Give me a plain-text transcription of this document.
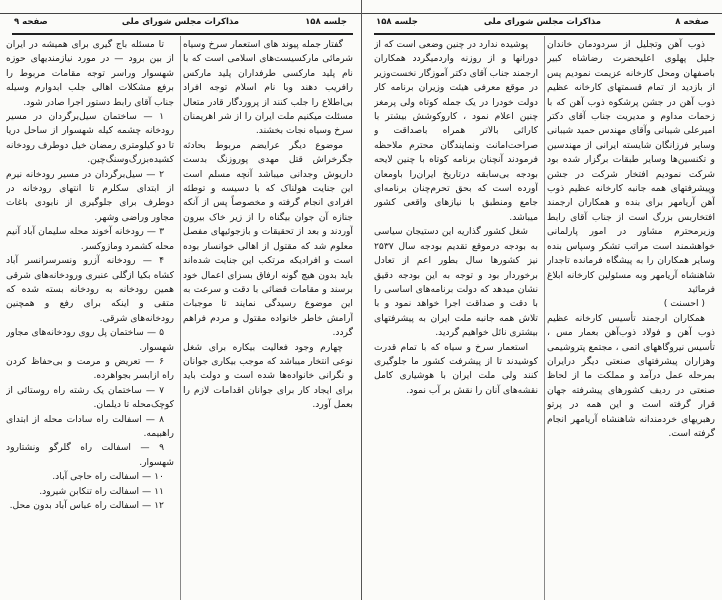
جلسه ۱۵۸
مذاکرات مجلس شورای ملی
صفحه ۹

گفتار جمله پیوند های استعمار سرخ وسیاه شرمائی مارکسیست‌های اسلامی است که با نام پلید مارکسی طرفداران پلید مارکس رافریب دهند وبا نام اسلام توجه افراد بی‌اطلاع را جلب کنند از پروردگار قادر متعال مسئلت میکنیم ملت ایران را از شر اهریمنان سرخ وسیاه نجات بخشند.

موضوع دیگر عرایضم مربوط بحادثه جگرخراش قتل مهدی پوروزنگ بدست داریوش وجدانی میباشد آنچه مسلم است این جنایت هولناک که با دسیسه و توطئه افرادی انجام گرفته و مخصوصاً پس از آنکه جنازه آن جوان بیگناه را از زیر خاک بیرون آوردند و بعد از تحقیقات و بازجوئیهای مفصل معلوم شد که مقتول از اهالی خوانسار بوده است و افرادیکه مرتکب این جنایت شده‌اند باید بدون هیچ گونه ارفاق بسزای اعمال خود برسند و مقامات قضائی با دقت و سرعت به این موضوع رسیدگی نمایند تا موجبات آرامش خاطر خانواده مقتول و مردم فراهم گردد.

چهارم وجود فعالیت بیکاره برای شغل نوعی انتخار میباشد که موجب بیکاری جوانان و نگرانی خانواده‌ها شده است و دولت باید برای ایجاد کار برای جوانان اقدامات لازم را بعمل آورد.

تا مسئله باج گیری برای همیشه در ایران از بین برود — در مورد نیازمندیهای حوزه شهسوار وراسر توجه مقامات مربوط را برفع مشکلات اهالی جلب ابدوارم وسیله جناب آقای رابط دستور اجرا صادر شود.

۱ — ساختمان سیل‌برگردان در مسیر رودخانه چشمه کیله شهسوار از ساحل دریا تا دو کیلومتری رمضان خیل دوطرف رودخانه کشیده‌بزرگ‌و‌سنگ‌چین.

۲ — سیل‌برگردان در مسیر رودخانه نیرم از ابتدای سکلرم تا انتهای رودخانه در دوطرف برای جلوگیری از نابودی باغات مجاور وراضی وشهر.

۳ — رودخانه آخوند محله سلیمان آباد آنیم محله کشمرد ومازوکسر.

۴ — رودخانه آزرو ونسرسرانسر آباد کشاه بکیا ازگلی عنبری ورودخانه‌های شرقی همین رودخانه به رودخانه بسته شده که متقی و اینکه برای رفع و همچنین رودخانه‌های شرقی.

۵ — ساختمان پل روی رودخانه‌های مجاور شهسوار.

۶ — تعریض و مرمت و بی‌حفاظ کردن راه ازابسر بجواهرده.

۷ — ساختمان یک رشته راه روستائی از کوچک‌محله تا دیلمان.

۸ — اسفالت راه سادات محله از ابتدای راهبیمه.

۹ — اسفالت راه گلرگو ونشتارود شهسوار.

۱۰ — اسفالت راه حاجی آباد.

۱۱ — اسفالت راه تنکابن شیرود.

۱۲ — اسفالت راه عباس آباد بدون محل.

صفحه ۸
مذاکرات مجلس شورای ملی
جلسه ۱۵۸

ذوب آهن وتجلیل از سردودمان خاندان جلیل پهلوی اعلیحضرت رضاشاه کبیر باصفهان ومحل کارخانه عزیمت نمودیم پس از بازدید از تمام قسمتهای کارخانه عظیم ذوب آهن در جشن پرشکوه ذوب آهن که با زحمات مداوم و مدیریت جناب آقای دکتر امیرعلی شیبانی وآقای مهندس حمید شیبانی وسایر فرزانگان شایسته ایرانی از مهندسین و تکنسین‌ها وسایر طبقات برگزار شده بود شرکت نمودیم افتخار شرکت در جشن وپیشرفتهای همه جانبه کارخانه عظیم ذوب آهن آریامهر برای بنده و همکاران ارجمند افتخاربس بزرگ است از جناب آقای رابط وزیرمحترم مشاور در امور پارلمانی خواهشمند است مراتب تشکر وسپاس بنده وسایر همکاران را به پیشگاه فرمانده تاجدار شاهنشاه آریامهر وبه مسئولین کارخانه ابلاغ فرمائید

( احسنت )

همکاران ارجمند تأسیس کارخانه عظیم ذوب آهن و فولاد ذوب‌آهن بعمار مس ، تأسیس نیروگاههای اتمی ، مجتمع پتروشیمی وهزاران پیشرفتهای صنعتی دیگر درایران بمرحله عمل درآمد و مملکت ما از لحاظ صنعتی در ردیف کشورهای پیشرفته جهان قرار گرفته است و این همه در پرتو رهبریهای خردمندانه شاهنشاه آریامهر انجام گرفته است.

پوشیده ندارد در چنین وضعی است که از دورانها و از روزنه واردمیگردد همکاران ارجمند جناب آقای دکتر آموزگار نخست‌وزیر در موقع معرفی هیئت وزیران برنامه کار دولت خودرا در یک جمله کوتاه ولی پرمغز چنین اعلام نمود ، کاروکوشش بیشتر با کارائی بالاتر همراه باصداقت و صراحت‌امانت ونمایندگان محترم ملاحظه فرمودند آنچنان برنامه کوتاه با چنین لایحه بودجه بی‌سابقه درتاریخ ایران‌را باومعان آورده است که بحق تحرم‌چنان برنامه‌ای جامع ومنطبق با نیازهای واقعی کشور میباشد.

شغل کشور گذاریه این دستیجان سیاسی به بودجه درموقع تقدیم بودجه سال ۲۵۳۷ نیز کشورها سال بطور اعم از تعادل برخوردار بود و توجه به این بودجه دقیق نشان میدهد که دولت برنامه‌های اساسی را با دقت و صداقت اجرا خواهد نمود و با تلاش همه جانبه ملت ایران به پیشرفتهای بیشتری نائل خواهیم گردید.

استعمار سرخ و سیاه که با تمام قدرت کوشیدند تا از پیشرفت کشور ما جلوگیری کنند ولی ملت ایران با هوشیاری کامل نقشه‌های آنان را نقش بر آب نمود.
